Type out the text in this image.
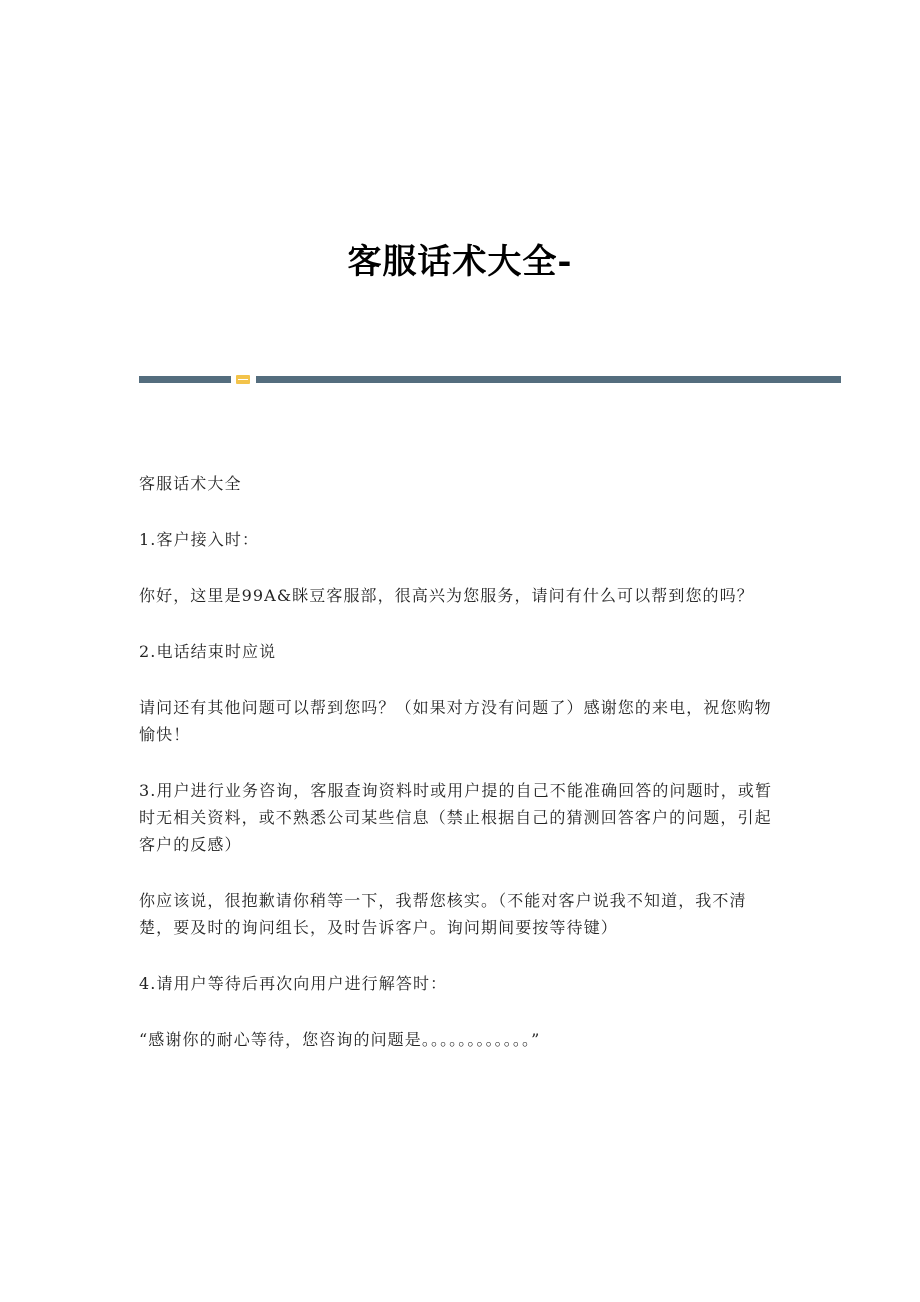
客服话术大全-

客服话术大全

1.客户接入时：

你好，这里是99A&眯豆客服部，很高兴为您服务，请问有什么可以帮到您的吗？

2.电话结束时应说

请问还有其他问题可以帮到您吗？（如果对方没有问题了）感谢您的来电，祝您购物愉快！

3.用户进行业务咨询，客服查询资料时或用户提的自己不能准确回答的问题时，或暂时无相关资料，或不熟悉公司某些信息（禁止根据自己的猜测回答客户的问题，引起客户的反感）

你应该说，很抱歉请你稍等一下，我帮您核实。（不能对客户说我不知道，我不清楚，要及时的询问组长，及时告诉客户。询问期间要按等待键）

4.请用户等待后再次向用户进行解答时：

“感谢你的耐心等待，您咨询的问题是。。。。。。。。。。。。”
